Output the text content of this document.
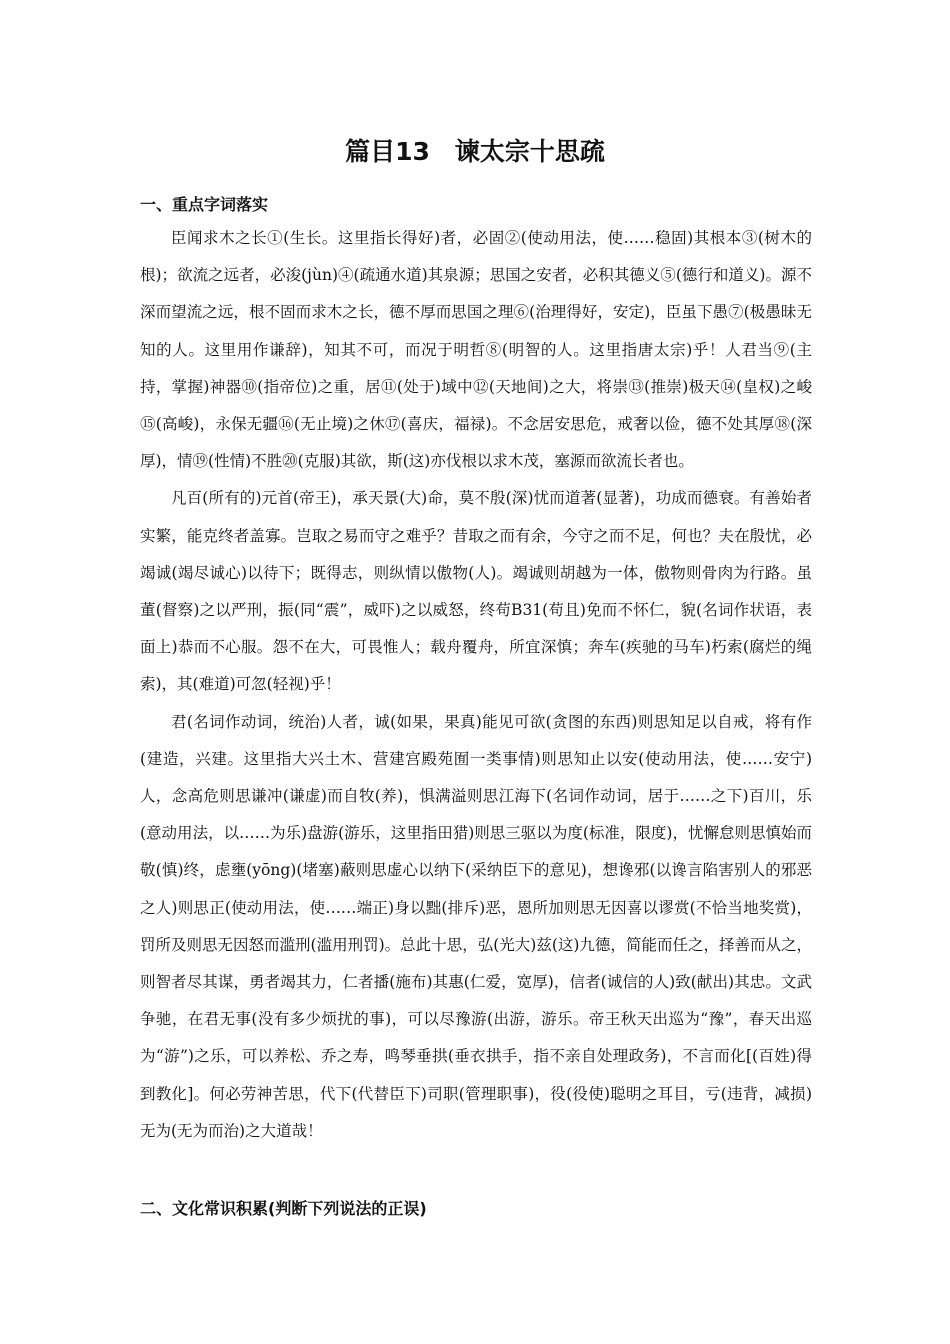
篇目13　谏太宗十思疏
一、重点字词落实

臣闻求木之长①(生长。这里指长得好)者，必固②(使动用法，使……稳固)其根本③(树木的根)；欲流之远者，必浚(jùn)④(疏通水道)其泉源；思国之安者，必积其德义⑤(德行和道义)。源不深而望流之远，根不固而求木之长，德不厚而思国之理⑥(治理得好，安定)，臣虽下愚⑦(极愚昧无知的人。这里用作谦辞)，知其不可，而况于明哲⑧(明智的人。这里指唐太宗)乎！人君当⑨(主持，掌握)神器⑩(指帝位)之重，居⑪(处于)域中⑫(天地间)之大，将崇⑬(推崇)极天⑭(皇权)之峻⑮(高峻)，永保无疆⑯(无止境)之休⑰(喜庆，福禄)。不念居安思危，戒奢以俭，德不处其厚⑱(深厚)，情⑲(性情)不胜⑳(克服)其欲，斯(这)亦伐根以求木茂，塞源而欲流长者也。

凡百(所有的)元首(帝王)，承天景(大)命，莫不殷(深)忧而道著(显著)，功成而德衰。有善始者实繁，能克终者盖寡。岂取之易而守之难乎？昔取之而有余，今守之而不足，何也？夫在殷忧，必竭诚(竭尽诚心)以待下；既得志，则纵情以傲物(人)。竭诚则胡越为一体，傲物则骨肉为行路。虽董(督察)之以严刑，振(同“震”，威吓)之以威怒，终苟B31(苟且)免而不怀仁，貌(名词作状语，表面上)恭而不心服。怨不在大，可畏惟人；载舟覆舟，所宜深慎；奔车(疾驰的马车)朽索(腐烂的绳索)，其(难道)可忽(轻视)乎！

君(名词作动词，统治)人者，诚(如果，果真)能见可欲(贪图的东西)则思知足以自戒，将有作(建造，兴建。这里指大兴土木、营建宫殿苑囿一类事情)则思知止以安(使动用法，使……安宁)人，念高危则思谦冲(谦虚)而自牧(养)，惧满溢则思江海下(名词作动词，居于……之下)百川，乐(意动用法，以……为乐)盘游(游乐，这里指田猎)则思三驱以为度(标准，限度)，忧懈怠则思慎始而敬(慎)终，虑壅(yōng)(堵塞)蔽则思虚心以纳下(采纳臣下的意见)，想谗邪(以谗言陷害别人的邪恶之人)则思正(使动用法，使……端正)身以黜(排斥)恶，恩所加则思无因喜以谬赏(不恰当地奖赏)，罚所及则思无因怒而滥刑(滥用刑罚)。总此十思，弘(光大)兹(这)九德，简能而任之，择善而从之，则智者尽其谋，勇者竭其力，仁者播(施布)其惠(仁爱，宽厚)，信者(诚信的人)致(献出)其忠。文武争驰，在君无事(没有多少烦扰的事)，可以尽豫游(出游，游乐。帝王秋天出巡为“豫”，春天出巡为“游”)之乐，可以养松、乔之寿，鸣琴垂拱(垂衣拱手，指不亲自处理政务)，不言而化[(百姓)得到教化]。何必劳神苦思，代下(代替臣下)司职(管理职事)，役(役使)聪明之耳目，亏(违背，减损)无为(无为而治)之大道哉！

二、文化常识积累(判断下列说法的正误)
